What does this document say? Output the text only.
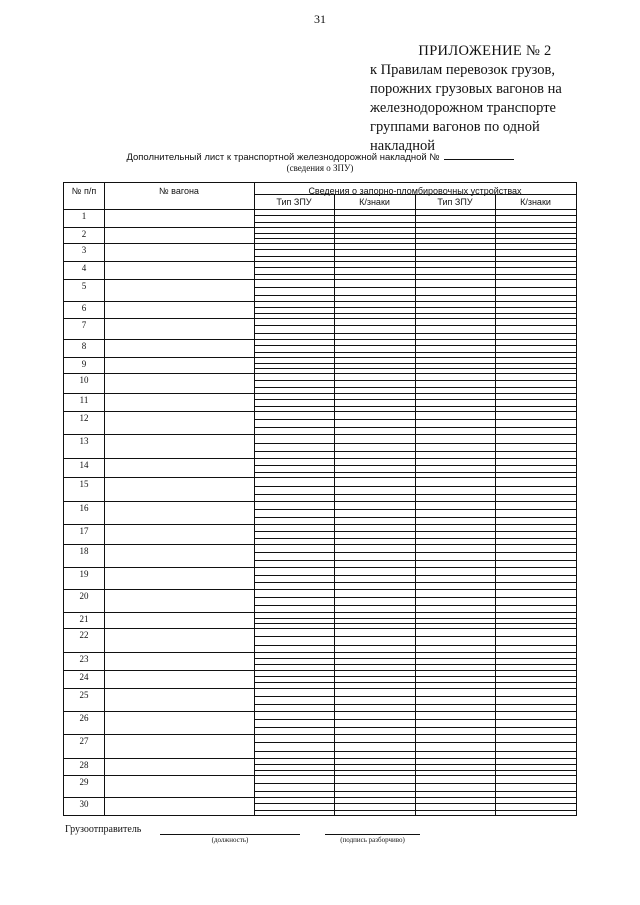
31
ПРИЛОЖЕНИЕ № 2
к Правилам перевозок грузов,
порожних грузовых вагонов на
железнодорожном транспорте
группами вагонов по одной
накладной
Дополнительный лист к транспортной железнодорожной накладной №
(сведения о ЗПУ)
№ п/п	№ вагона	Сведения о запорно-пломбировочных устройствах
Тип ЗПУ	К/знаки	Тип ЗПУ	К/знаки
1
2
3
4
5
6
7
8
9
10
11
12
13
14
15
16
17
18
19
20
21
22
23
24
25
26
27
28
29
30
Грузоотправитель
(должность)	(подпись разборчиво)
